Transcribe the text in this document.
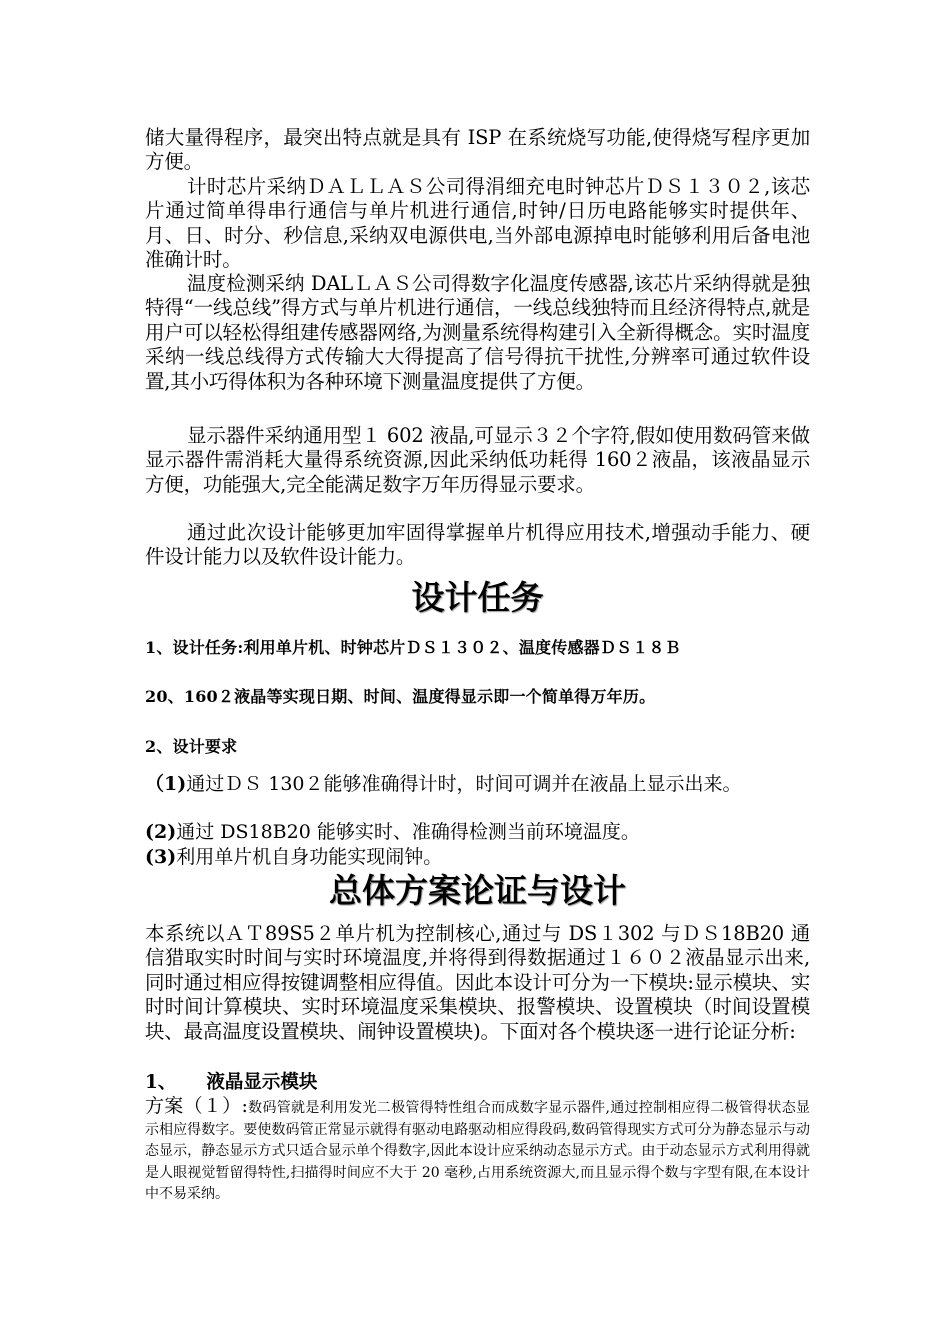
储大量得程序，最突出特点就是具有 ISP 在系统烧写功能,使得烧写程序更加方便。

计时芯片采纳ＤＡＬＬＡＳ公司得涓细充电时钟芯片ＤＳ１３０２,该芯片通过简单得串行通信与单片机进行通信,时钟/日历电路能够实时提供年、月、日、时分、秒信息,采纳双电源供电,当外部电源掉电时能够利用后备电池准确计时。

温度检测采纳 DALＬＡＳ公司得数字化温度传感器,该芯片采纳得就是独特得“一线总线”得方式与单片机进行通信，一线总线独特而且经济得特点,就是用户可以轻松得组建传感器网络,为测量系统得构建引入全新得概念。实时温度采纳一线总线得方式传输大大得提高了信号得抗干扰性,分辨率可通过软件设置,其小巧得体积为各种环境下测量温度提供了方便。

显示器件采纳通用型１ 602 液晶,可显示３２个字符,假如使用数码管来做显示器件需消耗大量得系统资源,因此采纳低功耗得 160２液晶，该液晶显示方便，功能强大,完全能满足数字万年历得显示要求。

通过此次设计能够更加牢固得掌握单片机得应用技术,增强动手能力、硬件设计能力以及软件设计能力。

设计任务

1、设计任务:利用单片机、时钟芯片ＤＳ１３０２、温度传感器ＤＳ１８Ｂ

20、160２液晶等实现日期、时间、温度得显示即一个简单得万年历。

2、设计要求

（1)通过ＤＳ 130２能够准确得计时，时间可调并在液晶上显示出来。

(2)通过 DS18B20 能够实时、准确得检测当前环境温度。

(3)利用单片机自身功能实现闹钟。

总体方案论证与设计

本系统以ＡＴ89S5２单片机为控制核心,通过与 DS１302 与ＤＳ18B20 通信猎取实时时间与实时环境温度,并将得到得数据通过１６０２液晶显示出来,同时通过相应得按键调整相应得值。因此本设计可分为一下模块:显示模块、实时时间计算模块、实时环境温度采集模块、报警模块、设置模块（时间设置模块、最高温度设置模块、闹钟设置模块)。下面对各个模块逐一进行论证分析:

1、 液晶显示模块

方案（１）:数码管就是利用发光二极管得特性组合而成数字显示器件,通过控制相应得二极管得状态显示相应得数字。要使数码管正常显示就得有驱动电路驱动相应得段码,数码管得现实方式可分为静态显示与动态显示，静态显示方式只适合显示单个得数字,因此本设计应采纳动态显示方式。由于动态显示方式利用得就是人眼视觉暂留得特性,扫描得时间应不大于 20 毫秒,占用系统资源大,而且显示得个数与字型有限,在本设计中不易采纳。
